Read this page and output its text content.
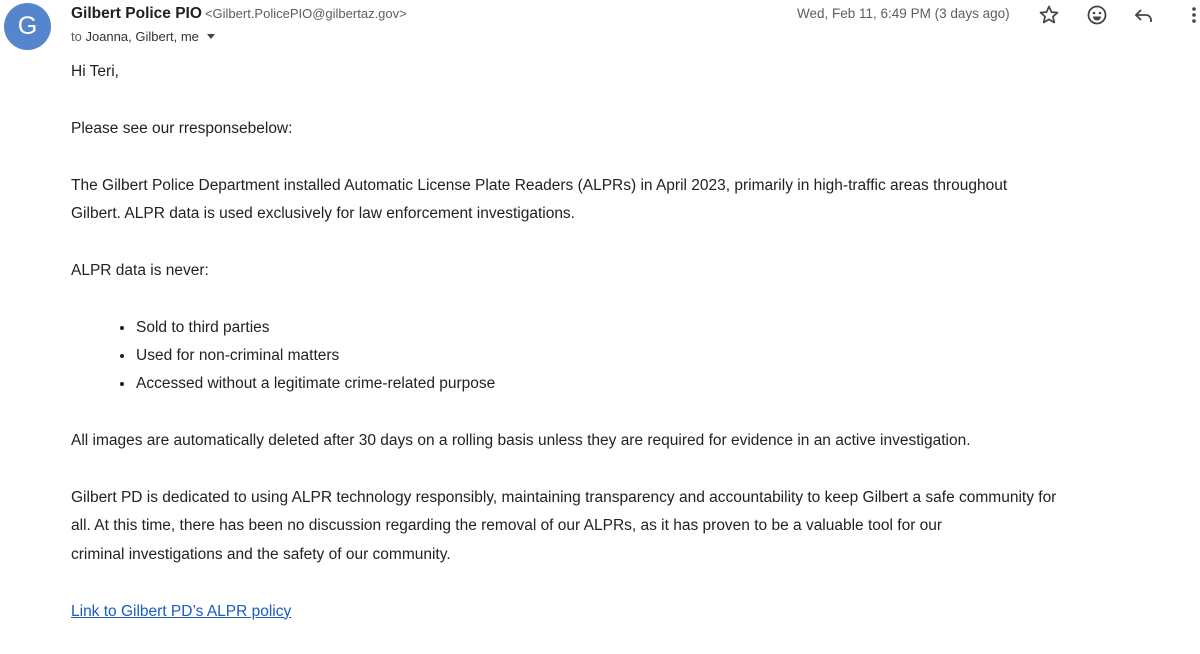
G	Gilbert Police PIO <Gilbert.PolicePIO@gilbertaz.gov>
to Joanna, Gilbert, me
Wed, Feb 11, 6:49 PM (3 days ago)

Hi Teri,

Please see our rresponsebelow:

The Gilbert Police Department installed Automatic License Plate Readers (ALPRs) in April 2023, primarily in high-traffic areas throughout
Gilbert. ALPR data is used exclusively for law enforcement investigations.

ALPR data is never:

• Sold to third parties
• Used for non-criminal matters
• Accessed without a legitimate crime-related purpose

All images are automatically deleted after 30 days on a rolling basis unless they are required for evidence in an active investigation.

Gilbert PD is dedicated to using ALPR technology responsibly, maintaining transparency and accountability to keep Gilbert a safe community for
all. At this time, there has been no discussion regarding the removal of our ALPRs, as it has proven to be a valuable tool for our
criminal investigations and the safety of our community.

Link to Gilbert PD’s ALPR policy
